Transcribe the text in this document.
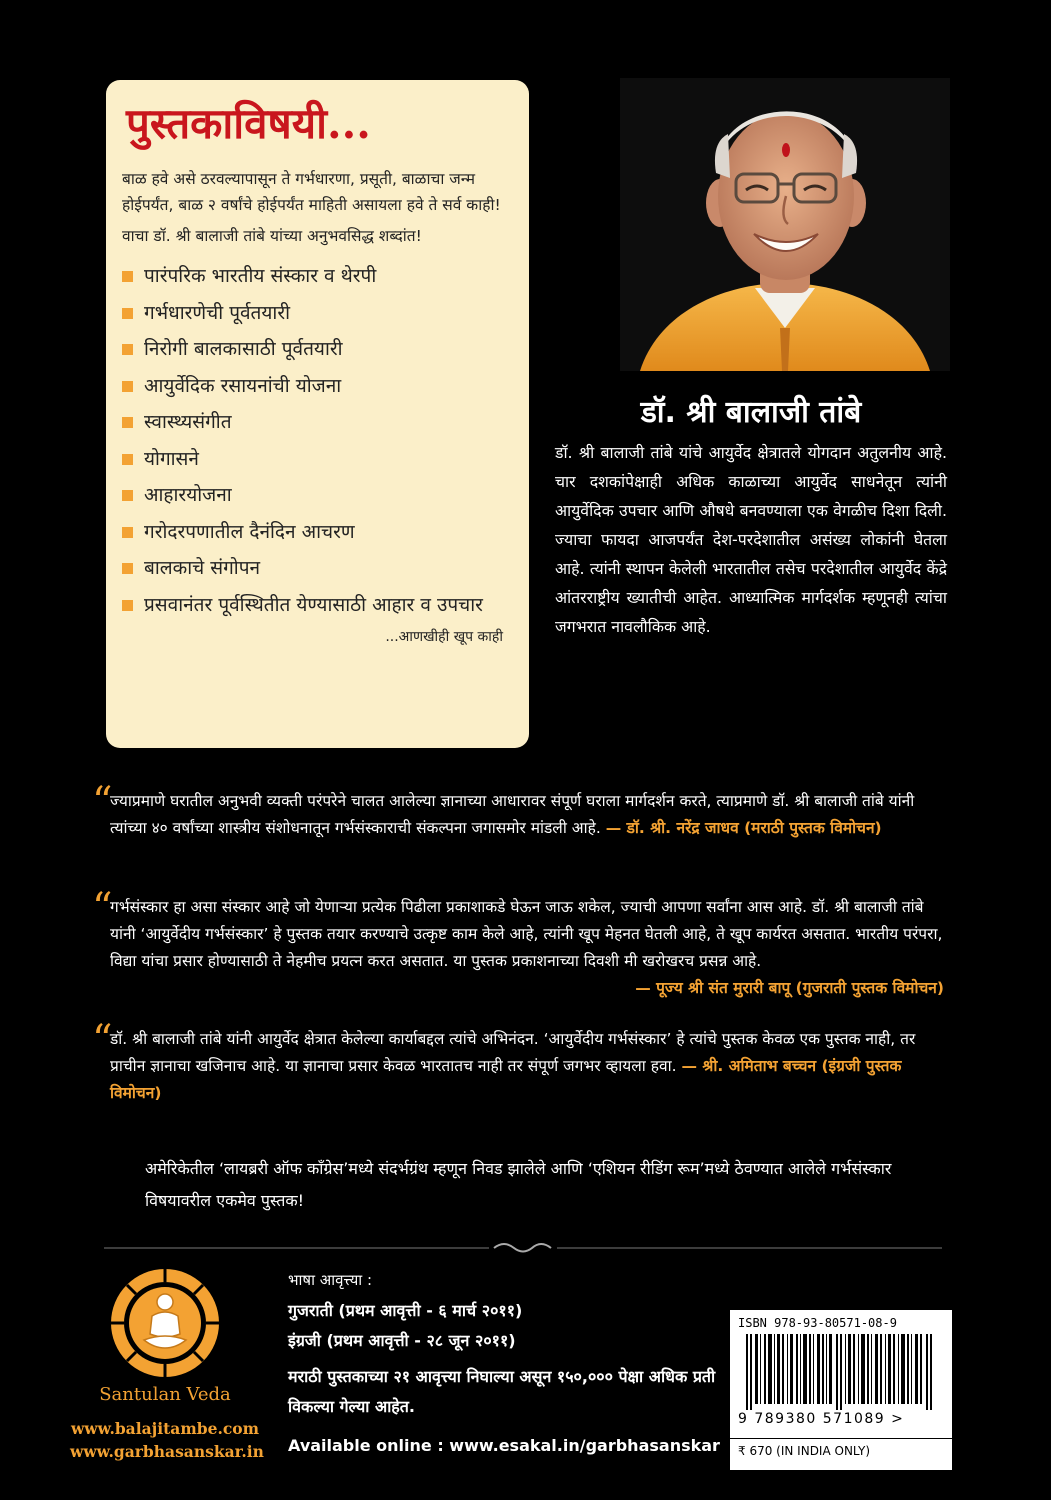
पुस्तकाविषयी...
बाळ हवे असे ठरवल्यापासून ते गर्भधारणा, प्रसूती, बाळाचा जन्म होईपर्यंत, बाळ २ वर्षांचे होईपर्यंत माहिती असायला हवे ते सर्व काही!
वाचा डॉ. श्री बालाजी तांबे यांच्या अनुभवसिद्ध शब्दांत!
पारंपरिक भारतीय संस्कार व थेरपी
गर्भधारणेची पूर्वतयारी
निरोगी बालकासाठी पूर्वतयारी
आयुर्वेदिक रसायनांची योजना
स्वास्थ्यसंगीत
योगासने
आहारयोजना
गरोदरपणातील दैनंदिन आचरण
बालकाचे संगोपन
प्रसवानंतर पूर्वस्थितीत येण्यासाठी आहार व उपचार
...आणखीही खूप काही
डॉ. श्री बालाजी तांबे
डॉ. श्री बालाजी तांबे यांचे आयुर्वेद क्षेत्रातले योगदान अतुलनीय आहे. चार दशकांपेक्षाही अधिक काळाच्या आयुर्वेद साधनेतून त्यांनी आयुर्वेदिक उपचार आणि औषधे बनवण्याला एक वेगळीच दिशा दिली. ज्याचा फायदा आजपर्यंत देश-परदेशातील असंख्य लोकांनी घेतला आहे. त्यांनी स्थापन केलेली भारतातील तसेच परदेशातील आयुर्वेद केंद्रे आंतरराष्ट्रीय ख्यातीची आहेत. आध्यात्मिक मार्गदर्शक म्हणूनही त्यांचा जगभरात नावलौकिक आहे.
“
ज्याप्रमाणे घरातील अनुभवी व्यक्ती परंपरेने चालत आलेल्या ज्ञानाच्या आधारावर संपूर्ण घराला मार्गदर्शन करते, त्याप्रमाणे डॉ. श्री बालाजी तांबे यांनी त्यांच्या ४० वर्षांच्या शास्त्रीय संशोधनातून गर्भसंस्काराची संकल्पना जगासमोर मांडली आहे. — डॉ. श्री. नरेंद्र जाधव (मराठी पुस्तक विमोचन)
“
गर्भसंस्कार हा असा संस्कार आहे जो येणाऱ्या प्रत्येक पिढीला प्रकाशाकडे घेऊन जाऊ शकेल, ज्याची आपणा सर्वांना आस आहे. डॉ. श्री बालाजी तांबे यांनी ‘आयुर्वेदीय गर्भसंस्कार’ हे पुस्तक तयार करण्याचे उत्कृष्ट काम केले आहे, त्यांनी खूप मेहनत घेतली आहे, ते खूप कार्यरत असतात. भारतीय परंपरा, विद्या यांचा प्रसार होण्यासाठी ते नेहमीच प्रयत्न करत असतात. या पुस्तक प्रकाशनाच्या दिवशी मी खरोखरच प्रसन्न आहे.
— पूज्य श्री संत मुरारी बापू (गुजराती पुस्तक विमोचन)
“
डॉ. श्री बालाजी तांबे यांनी आयुर्वेद क्षेत्रात केलेल्या कार्याबद्दल त्यांचे अभिनंदन. ‘आयुर्वेदीय गर्भसंस्कार’ हे त्यांचे पुस्तक केवळ एक पुस्तक नाही, तर प्राचीन ज्ञानाचा खजिनाच आहे. या ज्ञानाचा प्रसार केवळ भारतातच नाही तर संपूर्ण जगभर व्हायला हवा. — श्री. अमिताभ बच्चन (इंग्रजी पुस्तक विमोचन)
अमेरिकेतील ‘लायब्ररी ऑफ काँग्रेस’मध्ये संदर्भग्रंथ म्हणून निवड झालेले आणि ‘एशियन रीडिंग रूम’मध्ये ठेवण्यात आलेले गर्भसंस्कार विषयावरील एकमेव पुस्तक!
Santulan Veda
www.balajitambe.com
www.garbhasanskar.in
भाषा आवृत्त्या :
गुजराती (प्रथम आवृत्ती - ६ मार्च २०११)
इंग्रजी (प्रथम आवृत्ती - २८ जून २०११)
मराठी पुस्तकाच्या २१ आवृत्त्या निघाल्या असून १५०,००० पेक्षा अधिक प्रती विकल्या गेल्या आहेत.
Available online : www.esakal.in/garbhasanskar
ISBN 978-93-80571-08-9
9 789380 571089 >
₹ 670 (IN INDIA ONLY)
